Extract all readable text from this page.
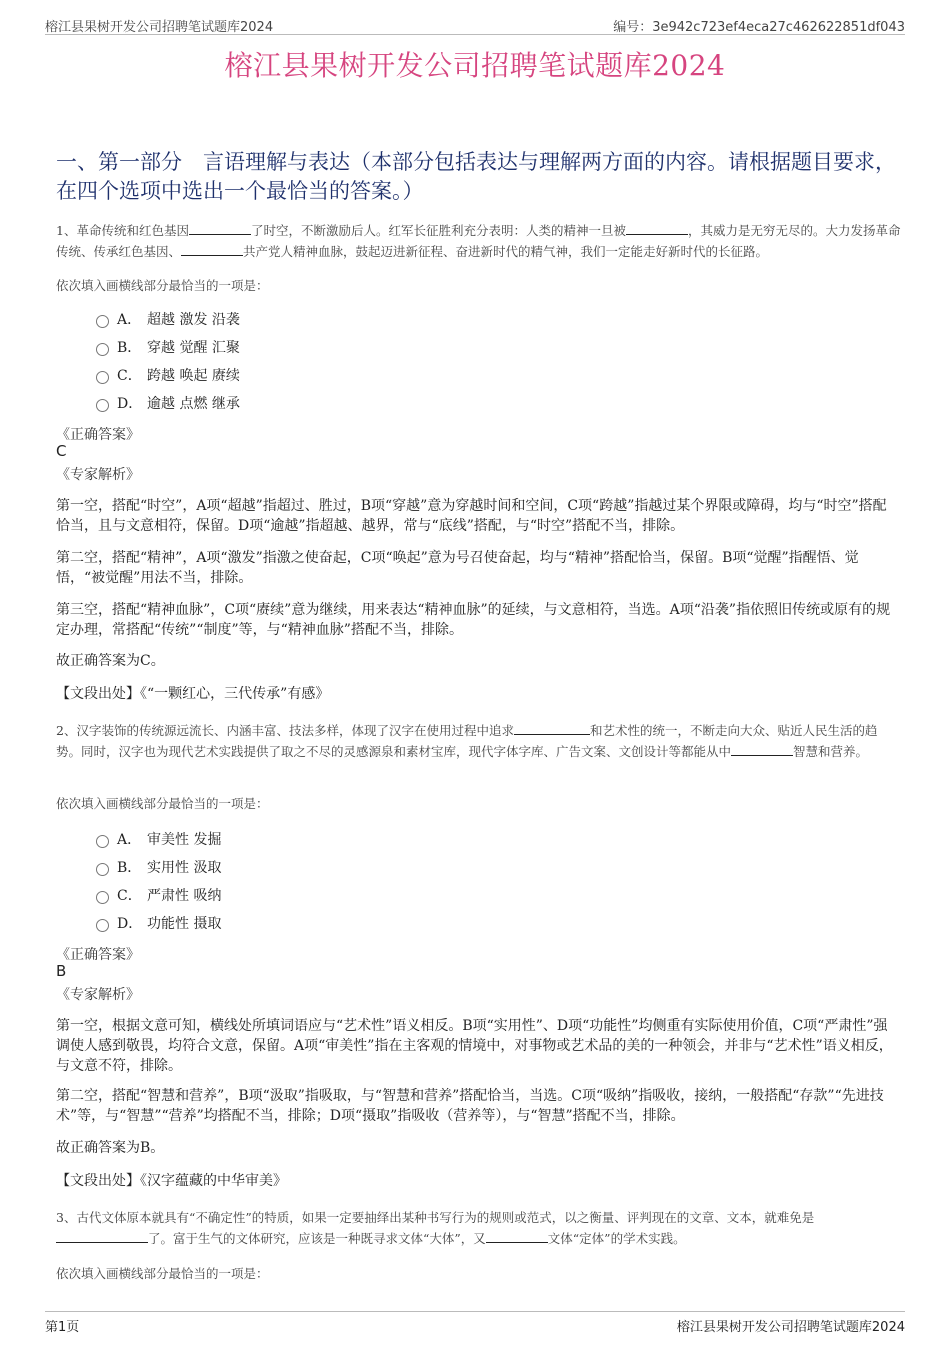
榕江县果树开发公司招聘笔试题库2024	编号：3e942c723ef4eca27c462622851df043
榕江县果树开发公司招聘笔试题库2024
一、第一部分　言语理解与表达（本部分包括表达与理解两方面的内容。请根据题目要求，在四个选项中选出一个最恰当的答案。）
1、革命传统和红色基因	了时空，不断激励后人。红军长征胜利充分表明：人类的精神一旦被	，其威力是无穷无尽的。大力发扬革命传统、传承红色基因、	共产党人精神血脉，鼓起迈进新征程、奋进新时代的精气神，我们一定能走好新时代的长征路。
依次填入画横线部分最恰当的一项是：
A． 超越 激发 沿袭
B． 穿越 觉醒 汇聚
C． 跨越 唤起 赓续
D． 逾越 点燃 继承
《正确答案》
C
《专家解析》
第一空，搭配“时空”，A项“超越”指超过、胜过，B项“穿越”意为穿越时间和空间，C项“跨越”指越过某个界限或障碍，均与“时空”搭配恰当，且与文意相符，保留。D项“逾越”指超越、越界，常与“底线”搭配，与“时空”搭配不当，排除。
第二空，搭配“精神”，A项“激发”指激之使奋起，C项“唤起”意为号召使奋起，均与“精神”搭配恰当，保留。B项“觉醒”指醒悟、觉悟，“被觉醒”用法不当，排除。
第三空，搭配“精神血脉”，C项“赓续”意为继续，用来表达“精神血脉”的延续，与文意相符，当选。A项“沿袭”指依照旧传统或原有的规定办理，常搭配“传统”“制度”等，与“精神血脉”搭配不当，排除。
故正确答案为C。
【文段出处】《“一颗红心，三代传承”有感》
2、汉字装饰的传统源远流长、内涵丰富、技法多样，体现了汉字在使用过程中追求	和艺术性的统一，不断走向大众、贴近人民生活的趋势。同时，汉字也为现代艺术实践提供了取之不尽的灵感源泉和素材宝库，现代字体字库、广告文案、文创设计等都能从中	智慧和营养。
依次填入画横线部分最恰当的一项是：
A． 审美性 发掘
B． 实用性 汲取
C． 严肃性 吸纳
D． 功能性 摄取
《正确答案》
B
《专家解析》
第一空，根据文意可知，横线处所填词语应与“艺术性”语义相反。B项“实用性”、D项“功能性”均侧重有实际使用价值，C项“严肃性”强调使人感到敬畏，均符合文意，保留。A项“审美性”指在主客观的情境中，对事物或艺术品的美的一种领会，并非与“艺术性”语义相反，与文意不符，排除。
第二空，搭配“智慧和营养”，B项“汲取”指吸取，与“智慧和营养”搭配恰当，当选。C项“吸纳”指吸收，接纳，一般搭配“存款”“先进技术”等，与“智慧”“营养”均搭配不当，排除；D项“摄取”指吸收（营养等），与“智慧”搭配不当，排除。
故正确答案为B。
【文段出处】《汉字蕴藏的中华审美》
3、古代文体原本就具有“不确定性”的特质，如果一定要抽绎出某种书写行为的规则或范式，以之衡量、评判现在的文章、文本，就难免是了。富于生气的文体研究，应该是一种既寻求文体“大体”，又	文体“定体”的学术实践。
依次填入画横线部分最恰当的一项是：
第1页	榕江县果树开发公司招聘笔试题库2024
